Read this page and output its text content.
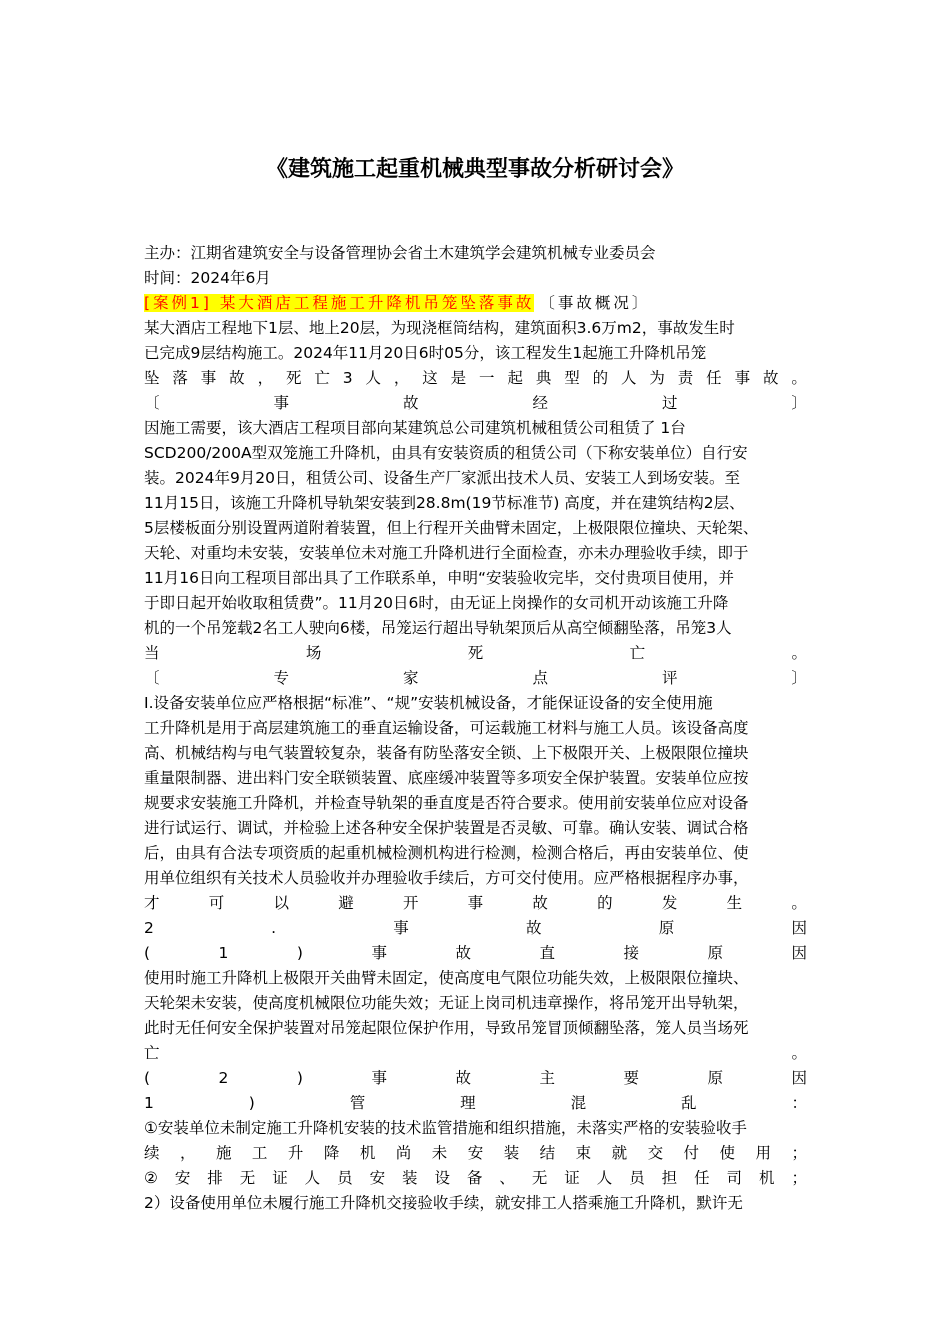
《建筑施工起重机械典型事故分析研讨会》
主办：江期省建筑安全与设备管理协会省土木建筑学会建筑机械专业委员会
时间：2024年6月
[案例1] 某大酒店工程施工升降机吊笼坠落事故 〔事故概况〕
某大酒店工程地下1层、地上20层，为现浇框筒结构，建筑面积3.6万m2，事故发生时
已完成9层结构施工。2024年11月20日6时05分，该工程发生1起施工升降机吊笼
坠 落 事 故 ， 死 亡 3 人 ， 这 是 一 起 典 型 的 人 为 责 任 事 故 。
〔	事	故	经	过	〕
因施工需要，该大酒店工程项目部向某建筑总公司建筑机械租赁公司租赁了 1台
SCD200/200A型双笼施工升降机，由具有安装资质的租赁公司（下称安装单位）自行安
装。2024年9月20日，租赁公司、设备生产厂家派出技术人员、安装工人到场安装。至
11月15日，该施工升降机导轨架安装到28.8m(19节标准节) 高度，并在建筑结构2层、
5层楼板面分别设置两道附着装置，但上行程开关曲臂未固定，上极限限位撞块、天轮架、
天轮、对重均未安装，安装单位未对施工升降机进行全面检查，亦未办理验收手续，即于
11月16日向工程项目部出具了工作联系单，申明“安装验收完毕，交付贵项目使用，并
于即日起开始收取租赁费”。11月20日6时，由无证上岗操作的女司机开动该施工升降
机的一个吊笼载2名工人驶向6楼，吊笼运行超出导轨架顶后从高空倾翻坠落，吊笼3人
当	场	死	亡	。
〔	专	家	点	评	〕
I.设备安装单位应严格根据“标准”、“规”安装机械设备，才能保证设备的安全使用施
工升降机是用于高层建筑施工的垂直运输设备，可运载施工材料与施工人员。该设备高度
高、机械结构与电气装置较复杂，装备有防坠落安全锁、上下极限开关、上极限限位撞块
重量限制器、进出料门安全联锁装置、底座缓冲装置等多项安全保护装置。安装单位应按
规要求安装施工升降机，并检查导轨架的垂直度是否符合要求。使用前安装单位应对设备
进行试运行、调试，并检验上述各种安全保护装置是否灵敏、可靠。确认安装、调试合格
后，由具有合法专项资质的起重机械检测机构进行检测，检测合格后，再由安装单位、使
用单位组织有关技术人员验收并办理验收手续后，方可交付使用。应严格根据程序办事，
才	可	以	避	开	事	故	的	发	生	。
2	.	事	故	原	因
(	1	)	事	故	直	接	原	因
使用时施工升降机上极限开关曲臂未固定，使高度电气限位功能失效，上极限限位撞块、
天轮架未安装，使高度机械限位功能失效；无证上岗司机违章操作，将吊笼开出导轨架，
此时无任何安全保护装置对吊笼起限位保护作用，导致吊笼冒顶倾翻坠落，笼人员当场死
亡	。
(	2	)	事	故	主	要	原	因
1	)	管	理	混	乱	：
①安装单位未制定施工升降机安装的技术监管措施和组织措施，未落实严格的安装验收手
续 ， 施 工 升 降 机 尚 未 安 装 结 束 就 交 付 使 用 ；
② 安 排 无 证 人 员 安 装 设 备 、 无 证 人 员 担 任 司 机 ；
2）设备使用单位未履行施工升降机交接验收手续，就安排工人搭乘施工升降机，默许无
